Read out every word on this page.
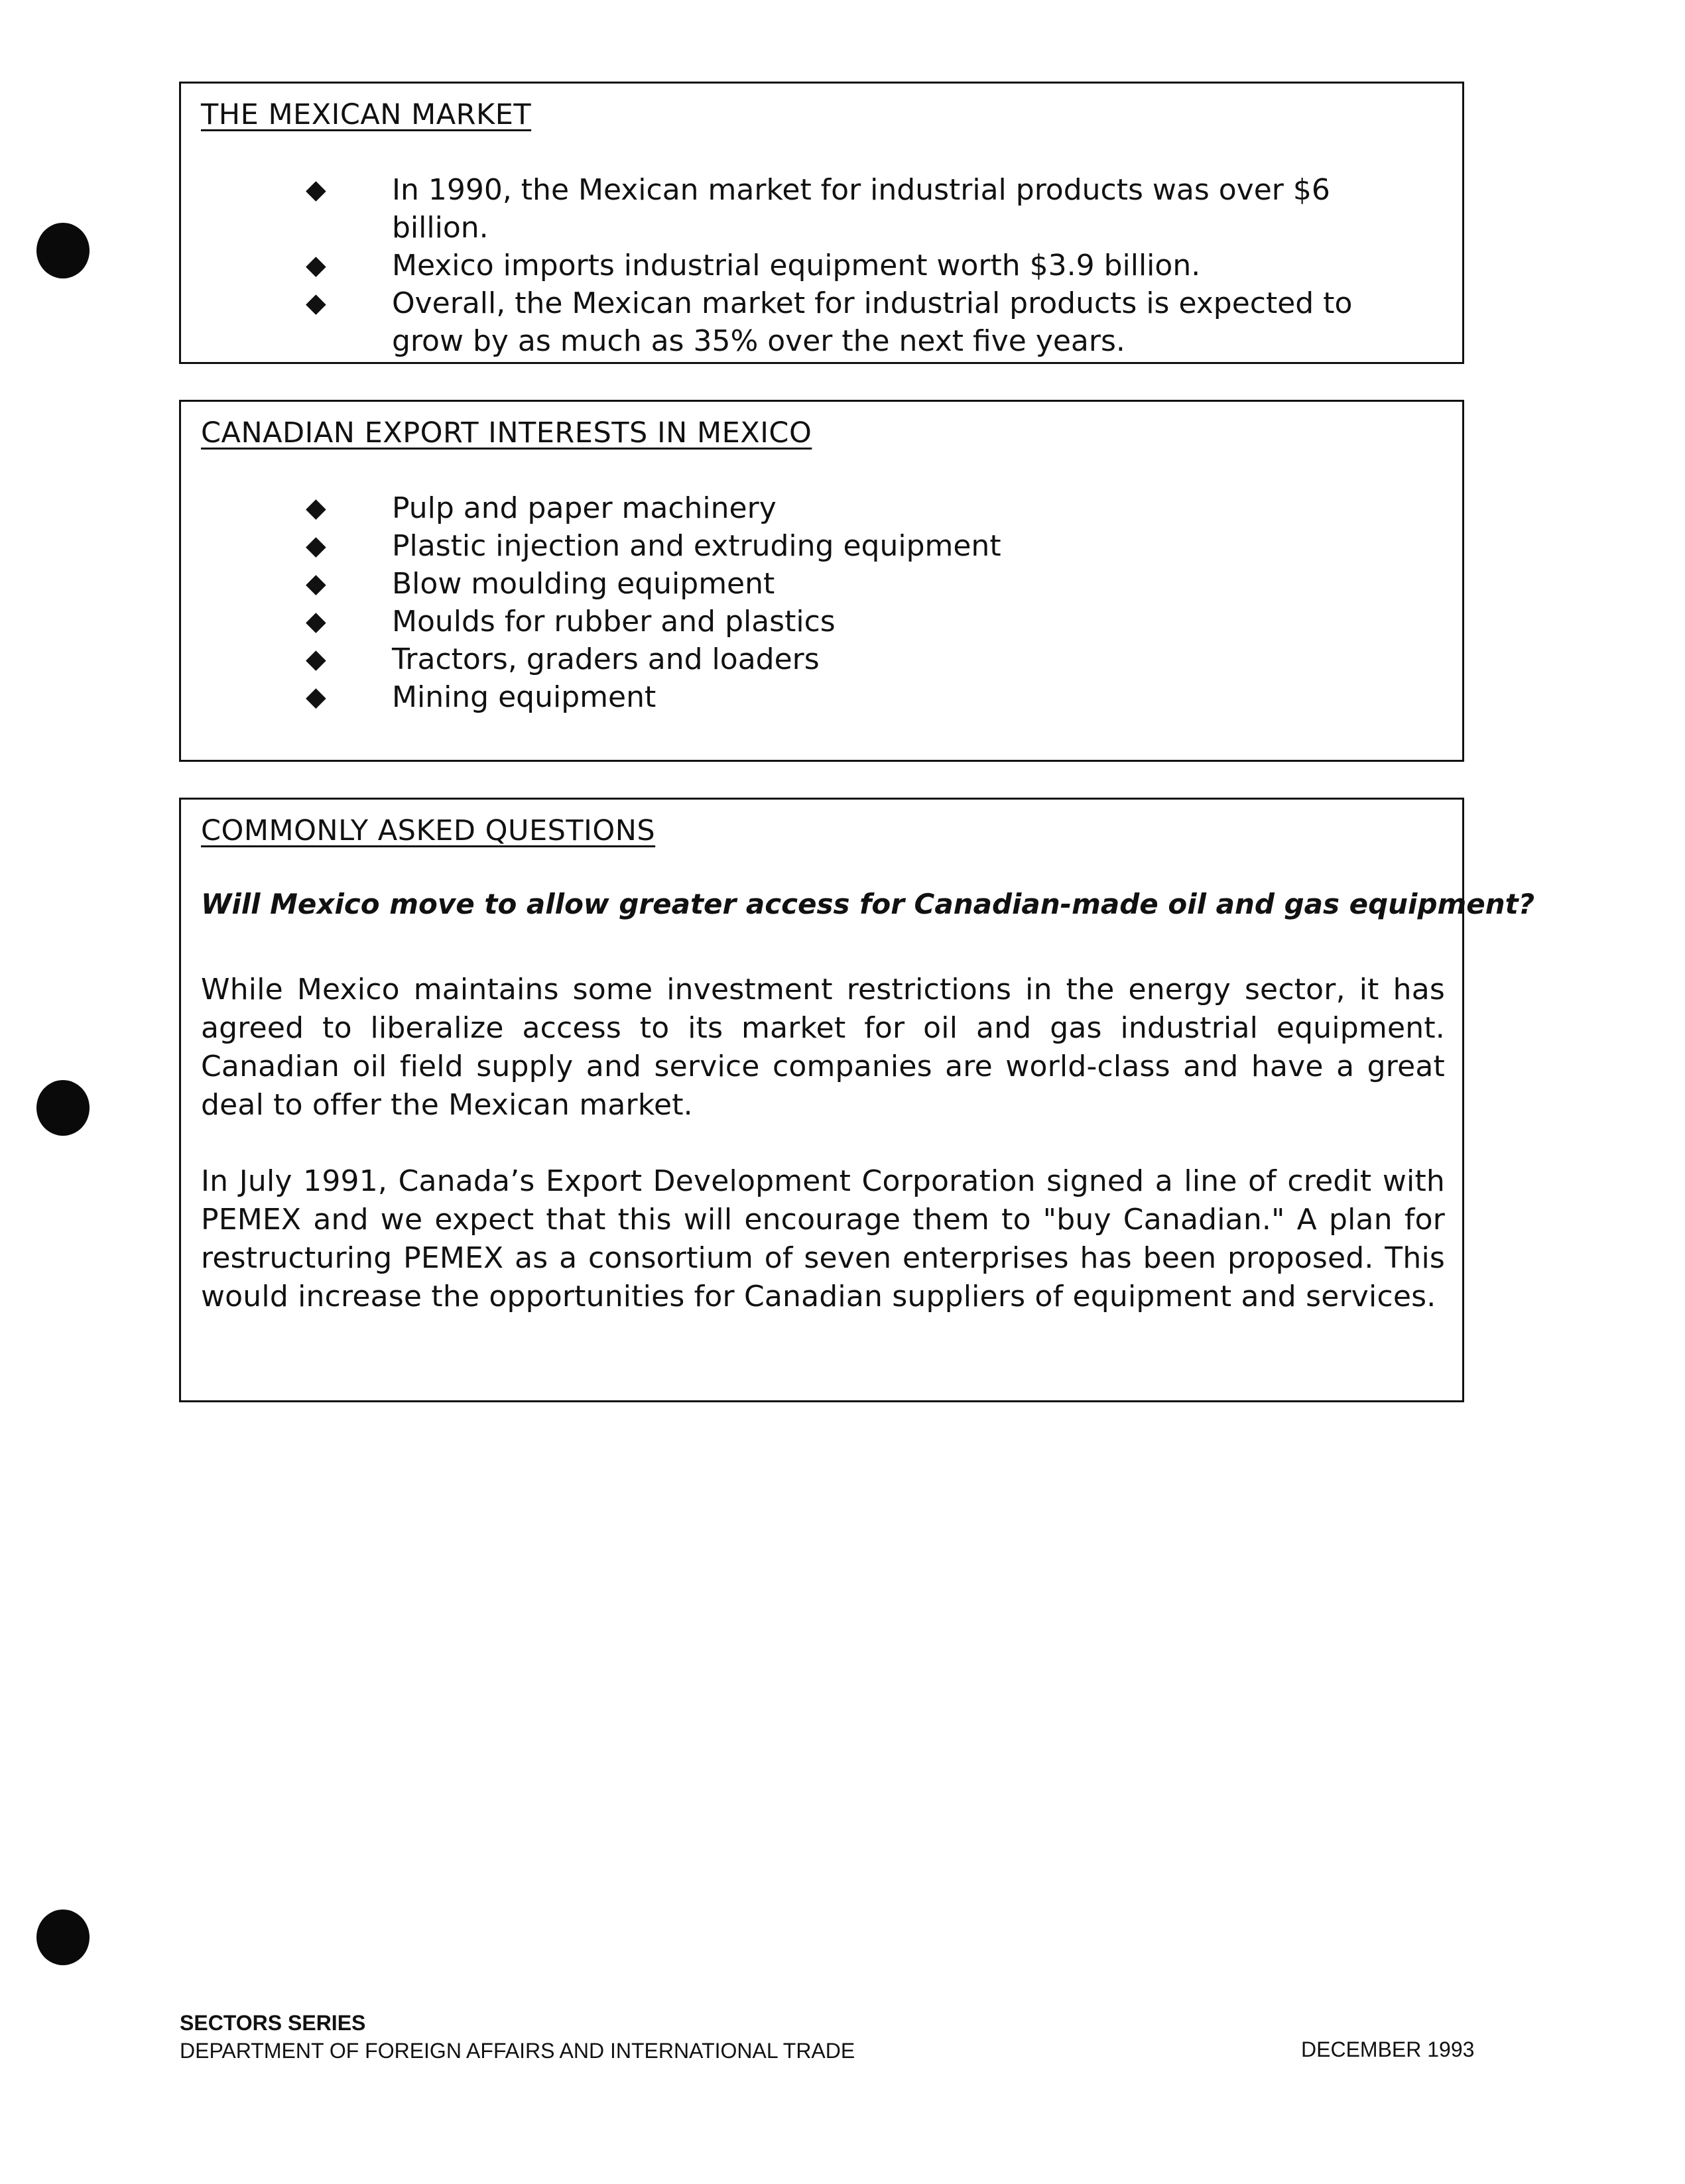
THE MEXICAN MARKET
◆ In 1990, the Mexican market for industrial products was over $6 billion.
◆ Mexico imports industrial equipment worth $3.9 billion.
◆ Overall, the Mexican market for industrial products is expected to grow by as much as 35% over the next five years.
CANADIAN EXPORT INTERESTS IN MEXICO
◆ Pulp and paper machinery
◆ Plastic injection and extruding equipment
◆ Blow moulding equipment
◆ Moulds for rubber and plastics
◆ Tractors, graders and loaders
◆ Mining equipment
COMMONLY ASKED QUESTIONS

Will Mexico move to allow greater access for Canadian-made oil and gas equipment?

While Mexico maintains some investment restrictions in the energy sector, it has agreed to liberalize access to its market for oil and gas industrial equipment. Canadian oil field supply and service companies are world-class and have a great deal to offer the Mexican market.

In July 1991, Canada’s Export Development Corporation signed a line of credit with PEMEX and we expect that this will encourage them to "buy Canadian." A plan for restructuring PEMEX as a consortium of seven enterprises has been proposed. This would increase the opportunities for Canadian suppliers of equipment and services.

SECTORS SERIES
DEPARTMENT OF FOREIGN AFFAIRS AND INTERNATIONAL TRADE	DECEMBER 1993
